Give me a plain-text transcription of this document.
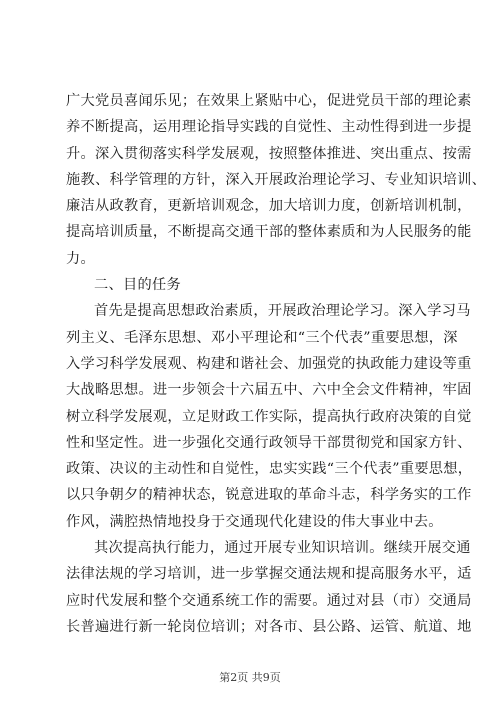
广大党员喜闻乐见；在效果上紧贴中心，促进党员干部的理论素
养不断提高，运用理论指导实践的自觉性、主动性得到进一步提
升。深入贯彻落实科学发展观，按照整体推进、突出重点、按需
施教、科学管理的方针，深入开展政治理论学习、专业知识培训、
廉洁从政教育，更新培训观念，加大培训力度，创新培训机制，
提高培训质量，不断提高交通干部的整体素质和为人民服务的能
力。
二、目的任务
首先是提高思想政治素质，开展政治理论学习。深入学习马
列主义、毛泽东思想、邓小平理论和“三个代表”重要思想，深
入学习科学发展观、构建和谐社会、加强党的执政能力建设等重
大战略思想。进一步领会十六届五中、六中全会文件精神，牢固
树立科学发展观，立足财政工作实际，提高执行政府决策的自觉
性和坚定性。进一步强化交通行政领导干部贯彻党和国家方针、
政策、决议的主动性和自觉性，忠实实践“三个代表”重要思想，
以只争朝夕的精神状态，锐意进取的革命斗志，科学务实的工作
作风，满腔热情地投身于交通现代化建设的伟大事业中去。
其次提高执行能力，通过开展专业知识培训。继续开展交通
法律法规的学习培训，进一步掌握交通法规和提高服务水平，适
应时代发展和整个交通系统工作的需要。通过对县（市）交通局
长普遍进行新一轮岗位培训；对各市、县公路、运管、航道、地
第2页 共9页
